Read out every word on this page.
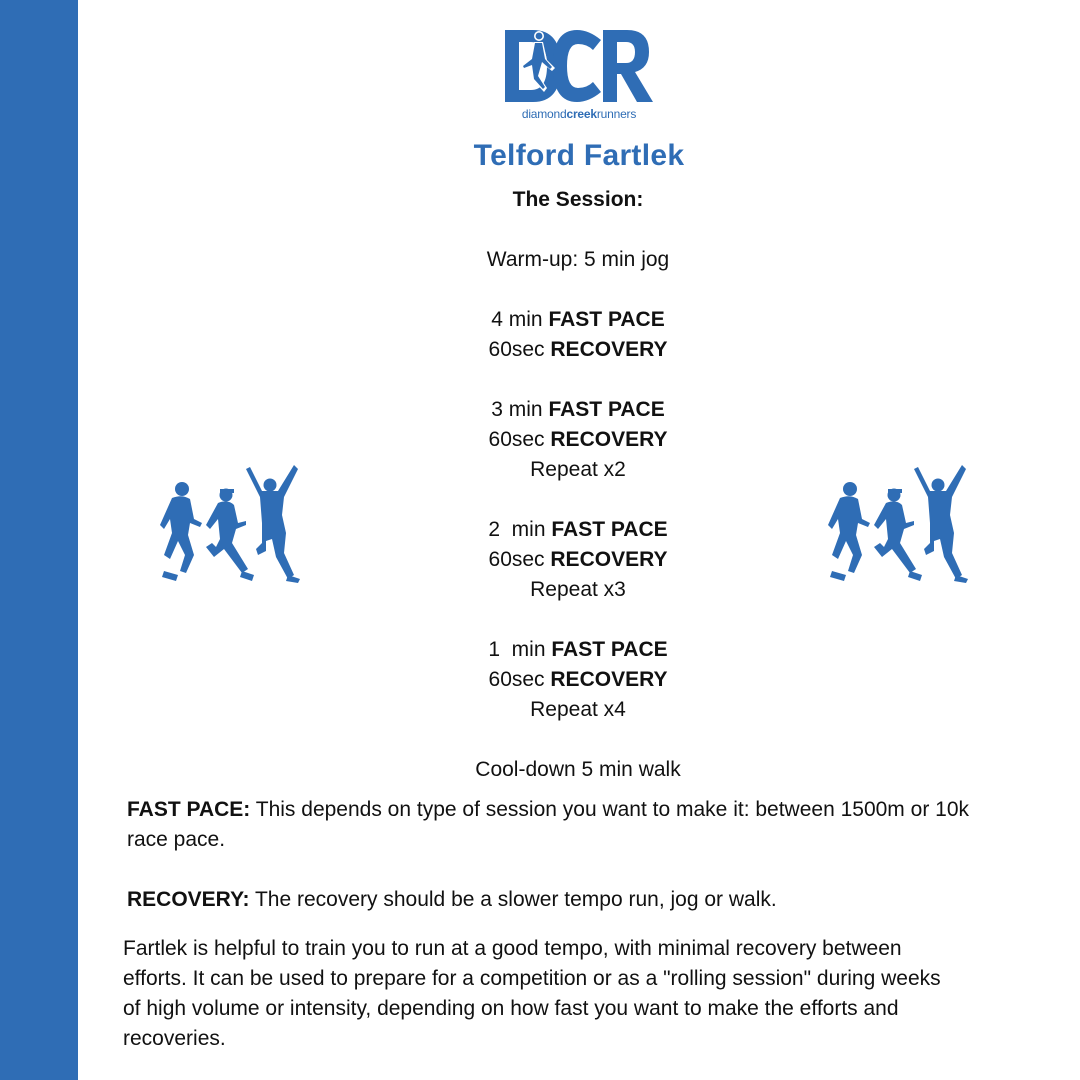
diamondcreekrunners
Telford Fartlek
The Session:
Warm-up: 5 min jog
4 min FAST PACE
60sec RECOVERY
3 min FAST PACE
60sec RECOVERY
Repeat x2
2  min FAST PACE
60sec RECOVERY
Repeat x3
1  min FAST PACE
60sec RECOVERY
Repeat x4
Cool-down 5 min walk
FAST PACE: This depends on type of session you want to make it: between 1500m or 10k
race pace.
RECOVERY: The recovery should be a slower tempo run, jog or walk.
Fartlek is helpful to train you to run at a good tempo, with minimal recovery between
efforts. It can be used to prepare for a competition or as a "rolling session" during weeks
of high volume or intensity, depending on how fast you want to make the efforts and
recoveries.
